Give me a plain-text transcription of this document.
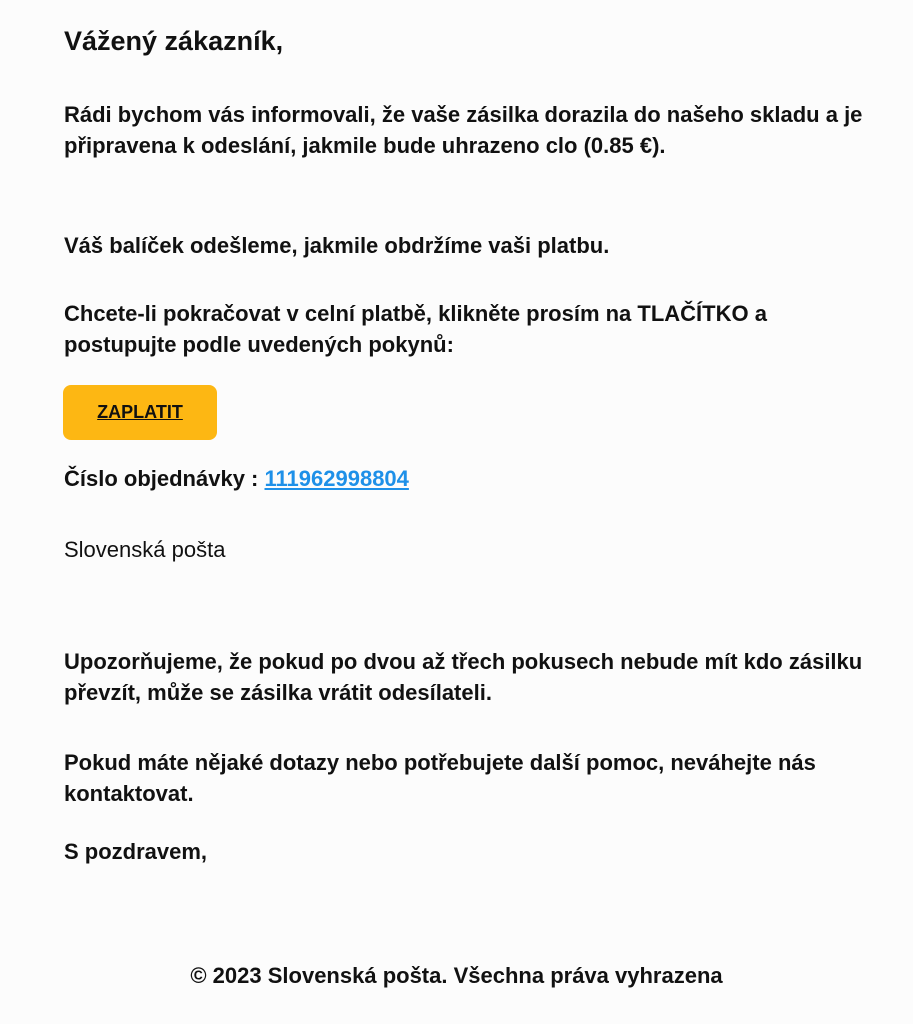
Vážený zákazník,

Rádi bychom vás informovali, že vaše zásilka dorazila do našeho skladu a je připravena k odeslání, jakmile bude uhrazeno clo (0.85 €).

Váš balíček odešleme, jakmile obdržíme vaši platbu.

Chcete-li pokračovat v celní platbě, klikněte prosím na TLAČÍTKO a postupujte podle uvedených pokynů:

ZAPLATIT
Číslo objednávky : 111962998804
Slovenská pošta

Upozorňujeme, že pokud po dvou až třech pokusech nebude mít kdo zásilku převzít, může se zásilka vrátit odesílateli.

Pokud máte nějaké dotazy nebo potřebujete další pomoc, neváhejte nás kontaktovat.

S pozdravem,
© 2023 Slovenská pošta. Všechna práva vyhrazena
